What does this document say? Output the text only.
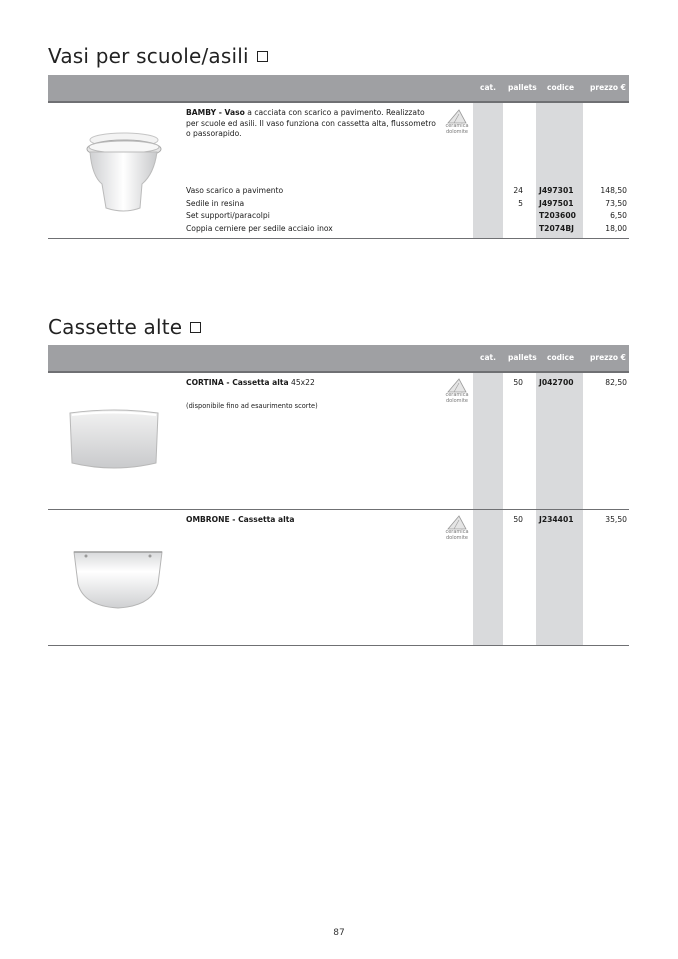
Vasi per scuole/asili
cat. pallets codice prezzo €
BAMBY - Vaso a cacciata con scarico a pavimento. Realizzato per scuole ed asili. Il vaso funziona con cassetta alta, flussometro o passorapido.
ceramica
dolomite
Vaso scarico a pavimento
Sedile in resina
Set supporti/paracolpi
Coppia cerniere per sedile acciaio inox
24
5

J497301
J497501
T203600
T2074BJ
148,50
73,50
6,50
18,00
Cassette alte
cat. pallets codice prezzo €
CORTINA - Cassetta alta 45x22
(disponibile fino ad esaurimento scorte)
ceramica
dolomite
50 J042700	82,50
OMBRONE - Cassetta alta
ceramica
dolomite
50 J234401	35,50
87
